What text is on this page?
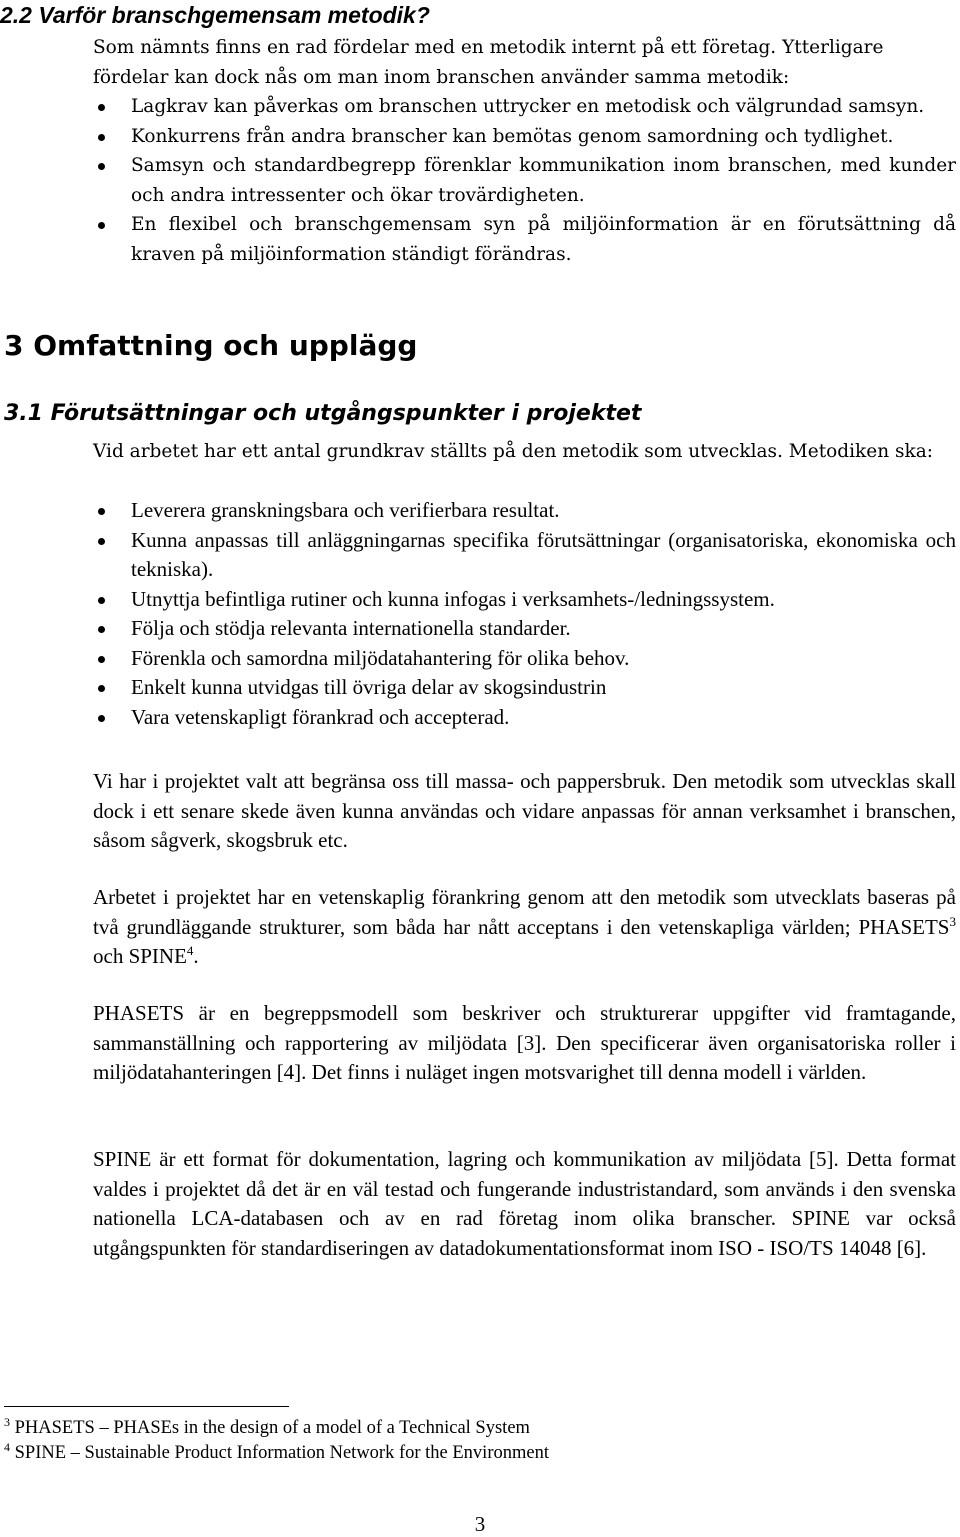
2.2 Varför branschgemensam metodik?
Som nämnts finns en rad fördelar med en metodik internt på ett företag. Ytterligare
fördelar kan dock nås om man inom branschen använder samma metodik:
Lagkrav kan påverkas om branschen uttrycker en metodisk och välgrundad samsyn.
Konkurrens från andra branscher kan bemötas genom samordning och tydlighet.
Samsyn och standardbegrepp förenklar kommunikation inom branschen, med kunder och andra intressenter och ökar trovärdigheten.
En flexibel och branschgemensam syn på miljöinformation är en förutsättning då kraven på miljöinformation ständigt förändras.
3 Omfattning och upplägg
3.1 Förutsättningar och utgångspunkter i projektet
Vid arbetet har ett antal grundkrav ställts på den metodik som utvecklas. Metodiken ska:
Leverera granskningsbara och verifierbara resultat.
Kunna anpassas till anläggningarnas specifika förutsättningar (organisatoriska, ekonomiska och tekniska).
Utnyttja befintliga rutiner och kunna infogas i verksamhets-/ledningssystem.
Följa och stödja relevanta internationella standarder.
Förenkla och samordna miljödatahantering för olika behov.
Enkelt kunna utvidgas till övriga delar av skogsindustrin
Vara vetenskapligt förankrad och accepterad.

Vi har i projektet valt att begränsa oss till massa- och pappersbruk. Den metodik som utvecklas skall dock i ett senare skede även kunna användas och vidare anpassas för annan verksamhet i branschen, såsom sågverk, skogsbruk etc.

Arbetet i projektet har en vetenskaplig förankring genom att den metodik som utvecklats baseras på två grundläggande strukturer, som båda har nått acceptans i den vetenskapliga världen; PHASETS$^3$ och SPINE$^4$.

PHASETS är en begreppsmodell som beskriver och strukturerar uppgifter vid framtagande, sammanställning och rapportering av miljödata [3]. Den specificerar även organisatoriska roller i miljödatahanteringen [4]. Det finns i nuläget ingen motsvarighet till denna modell i världen.

SPINE är ett format för dokumentation, lagring och kommunikation av miljödata [5]. Detta format valdes i projektet då det är en väl testad och fungerande industristandard, som används i den svenska nationella LCA-databasen och av en rad företag inom olika branscher. SPINE var också utgångspunkten för standardiseringen av datadokumentationsformat inom ISO - ISO/TS 14048 [6].

$^3$ PHASETS – PHASEs in the design of a model of a Technical System
$^4$ SPINE – Sustainable Product Information Network for the Environment
3
